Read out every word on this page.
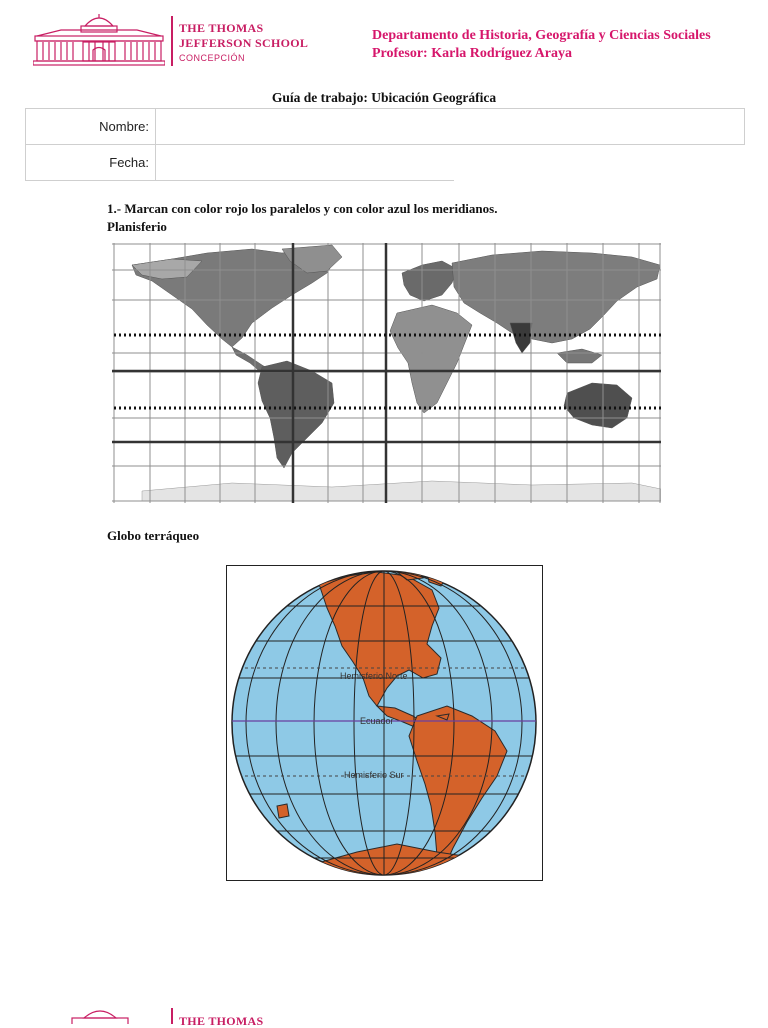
THE THOMAS
JEFFERSON SCHOOL
CONCEPCIÓN
Departamento de Historia, Geografía y Ciencias Sociales
Profesor: Karla Rodríguez Araya
Guía de trabajo: Ubicación Geográfica
Nombre:			
Fecha:			
1.- Marcan con color rojo los paralelos y con color azul los meridianos.
Planisferio
Globo terráqueo
Hemisferio Norte
Ecuador
Hemisferio Sur
THE THOMAS
